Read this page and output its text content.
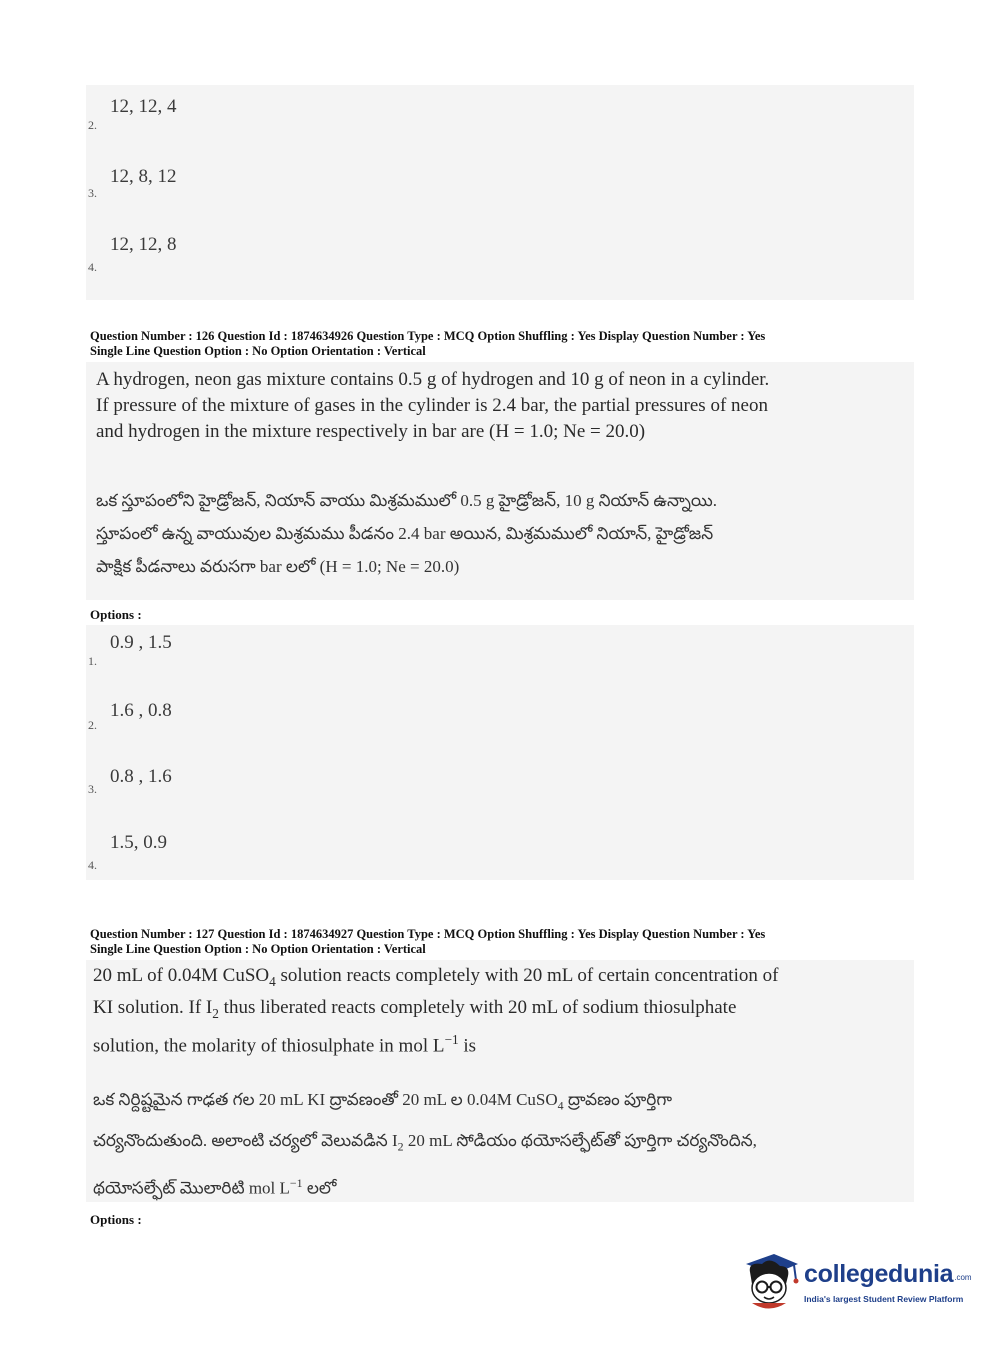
12, 12, 4
2.
12, 8, 12
3.
12, 12, 8
4.
Question Number : 126 Question Id : 1874634926 Question Type : MCQ Option Shuffling : Yes Display Question Number : Yes
Single Line Question Option : No Option Orientation : Vertical
A hydrogen, neon gas mixture contains 0.5 g of hydrogen and 10 g of neon in a cylinder.
If pressure of the mixture of gases in the cylinder is 2.4 bar, the partial pressures of neon
and hydrogen in the mixture respectively in bar are (H = 1.0; Ne = 20.0)
ఒక స్తూపంలోని హైడ్రోజన్, నియాన్ వాయు మిశ్రమములో 0.5 g హైడ్రోజన్, 10 g నియాన్ ఉన్నాయి.
స్తూపంలో ఉన్న వాయువుల మిశ్రమము పీడనం 2.4 bar అయిన, మిశ్రమములో నియాన్, హైడ్రోజన్
పాక్షిక పీడనాలు వరుసగా bar లలో (H = 1.0; Ne = 20.0)
Options :
0.9 , 1.5
1.
1.6 , 0.8
2.
0.8 , 1.6
3.
1.5, 0.9
4.
Question Number : 127 Question Id : 1874634927 Question Type : MCQ Option Shuffling : Yes Display Question Number : Yes
Single Line Question Option : No Option Orientation : Vertical
20 mL of 0.04M CuSO$_4$ solution reacts completely with 20 mL of certain concentration of
KI solution. If $I_2$ thus liberated reacts completely with 20 mL of sodium thiosulphate
solution, the molarity of thiosulphate in mol $L^{-1}$ is
ఒక నిర్దిష్టమైన గాఢత గల 20 mL KI ద్రావణంతో 20 mL ల 0.04M CuSO$_4$ ద్రావణం పూర్తిగా
చర్యనొందుతుంది. అలాంటి చర్యలో వెలువడిన $I_2$ 20 mL సోడియం థయోసల్ఫేట్‌తో పూర్తిగా చర్యనొందిన,
థయోసల్ఫేట్ మొలారిటి mol $L^{-1}$ లలో
Options :
collegedunia.com
India's largest Student Review Platform
